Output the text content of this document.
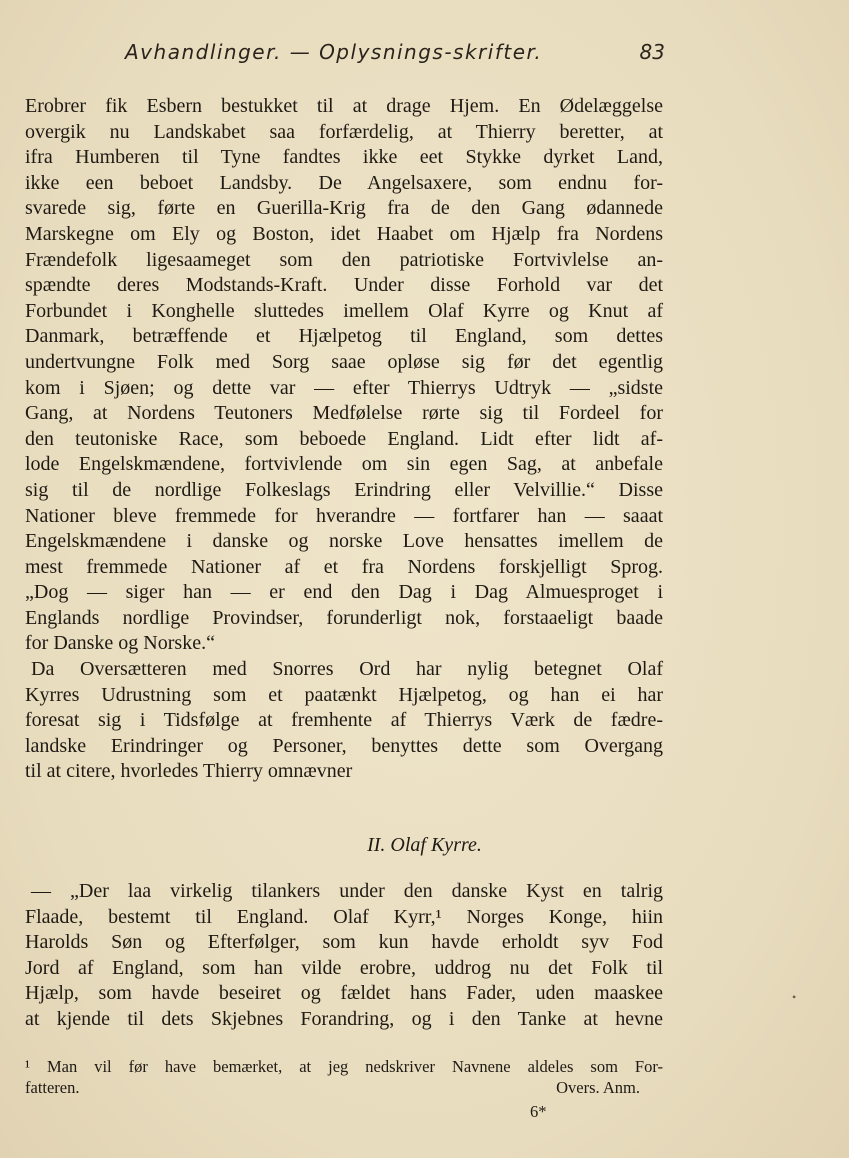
Avhandlinger. — Oplysnings-skrifter.	83
Erobrer fik Esbern bestukket til at drage Hjem. En Ødelæggelse
overgik nu Landskabet saa forfærdelig, at Thierry beretter, at
ifra Humberen til Tyne fandtes ikke eet Stykke dyrket Land,
ikke een beboet Landsby. De Angelsaxere, som endnu for-
svarede sig, førte en Guerilla-Krig fra de den Gang ødannede
Marskegne om Ely og Boston, idet Haabet om Hjælp fra Nordens
Frændefolk ligesaameget som den patriotiske Fortvivlelse an-
spændte deres Modstands-Kraft. Under disse Forhold var det
Forbundet i Konghelle sluttedes imellem Olaf Kyrre og Knut af
Danmark, betræffende et Hjælpetog til England, som dettes
undertvungne Folk med Sorg saae opløse sig før det egentlig
kom i Sjøen; og dette var — efter Thierrys Udtryk — „sidste
Gang, at Nordens Teutoners Medfølelse rørte sig til Fordeel for
den teutoniske Race, som beboede England. Lidt efter lidt af-
lode Engelskmændene, fortvivlende om sin egen Sag, at anbefale
sig til de nordlige Folkeslags Erindring eller Velvillie.“ Disse
Nationer bleve fremmede for hverandre — fortfarer han — saaat
Engelskmændene i danske og norske Love hensattes imellem de
mest fremmede Nationer af et fra Nordens forskjelligt Sprog.
„Dog — siger han — er end den Dag i Dag Almuesproget i
Englands nordlige Provindser, forunderligt nok, forstaaeligt baade
for Danske og Norske.“
Da Oversætteren med Snorres Ord har nylig betegnet Olaf
Kyrres Udrustning som et paatænkt Hjælpetog, og han ei har
foresat sig i Tidsfølge at fremhente af Thierrys Værk de fædre-
landske Erindringer og Personer, benyttes dette som Overgang
til at citere, hvorledes Thierry omnævner
II. Olaf Kyrre.
— „Der laa virkelig tilankers under den danske Kyst en talrig
Flaade, bestemt til England. Olaf Kyrr,¹ Norges Konge, hiin
Harolds Søn og Efterfølger, som kun havde erholdt syv Fod
Jord af England, som han vilde erobre, uddrog nu det Folk til
Hjælp, som havde beseiret og fældet hans Fader, uden maaskee
at kjende til dets Skjebnes Forandring, og i den Tanke at hevne
¹ Man vil før have bemærket, at jeg nedskriver Navnene aldeles som For-
fatteren.	Overs. Anm.
6*
•
